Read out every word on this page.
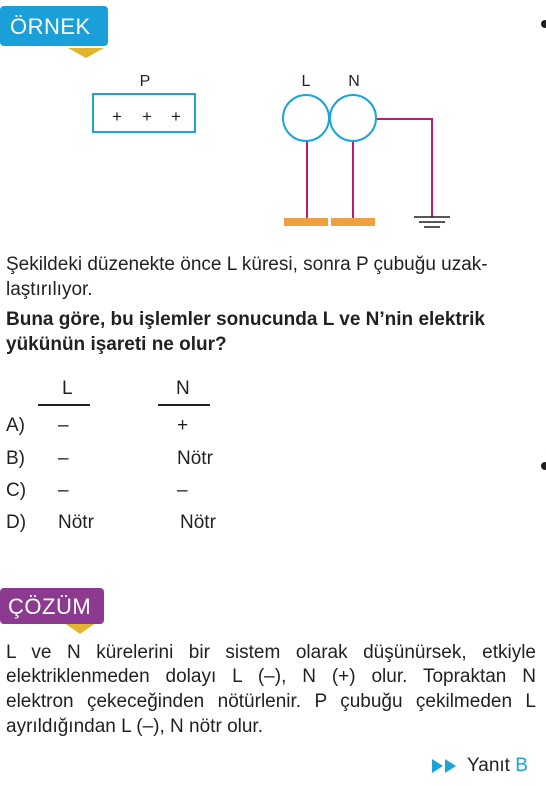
ÖRNEK
P
+ + +
L N
Şekildeki düzenekte önce L küresi, sonra P çubuğu uzak-
laştırılıyor.
Buna göre, bu işlemler sonucunda L ve N’nin elektrik
yükünün işareti ne olur?
L	N
A) –	+
B) –	Nötr
C) –	–
D) Nötr	Nötr
ÇÖZÜM
L ve N kürelerini bir sistem olarak düşünürsek, etkiyle
elektriklenmeden dolayı L (–), N (+) olur. Topraktan N
elektron çekeceğinden nötürlenir. P çubuğu çekilmeden L
ayrıldığından L (–), N nötr olur.
Yanıt B
